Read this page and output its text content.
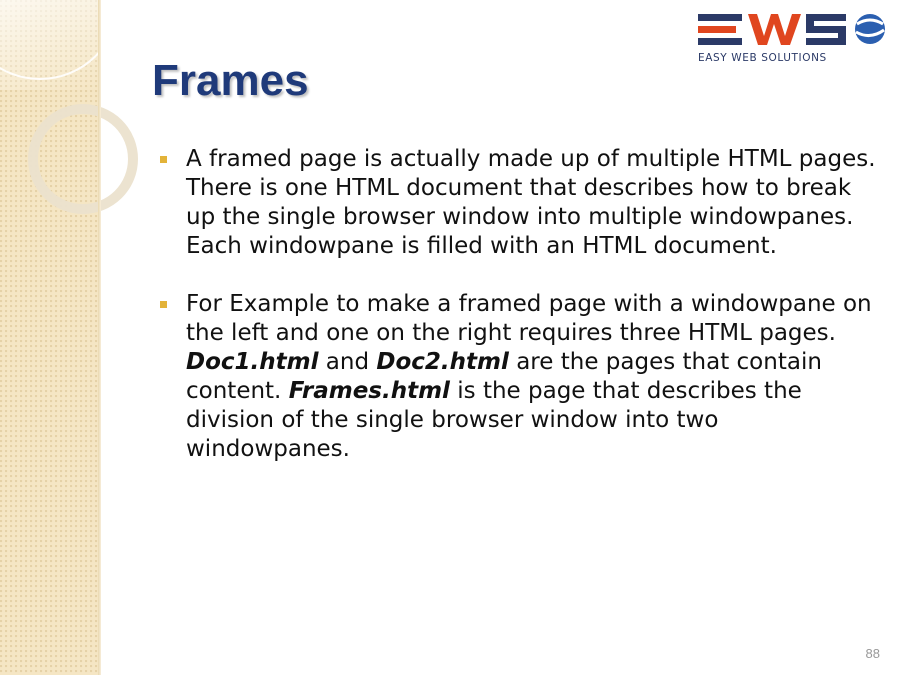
EASY WEB SOLUTIONS
Frames
A framed page is actually made up of multiple HTML pages. There is one HTML document that describes how to break up the single browser window into multiple windowpanes. Each windowpane is filled with an HTML document.
For Example to make a framed page with a windowpane on the left and one on the right requires three HTML pages. Doc1.html and Doc2.html are the pages that contain content. Frames.html is the page that describes the division of the single browser window into two windowpanes.
88
